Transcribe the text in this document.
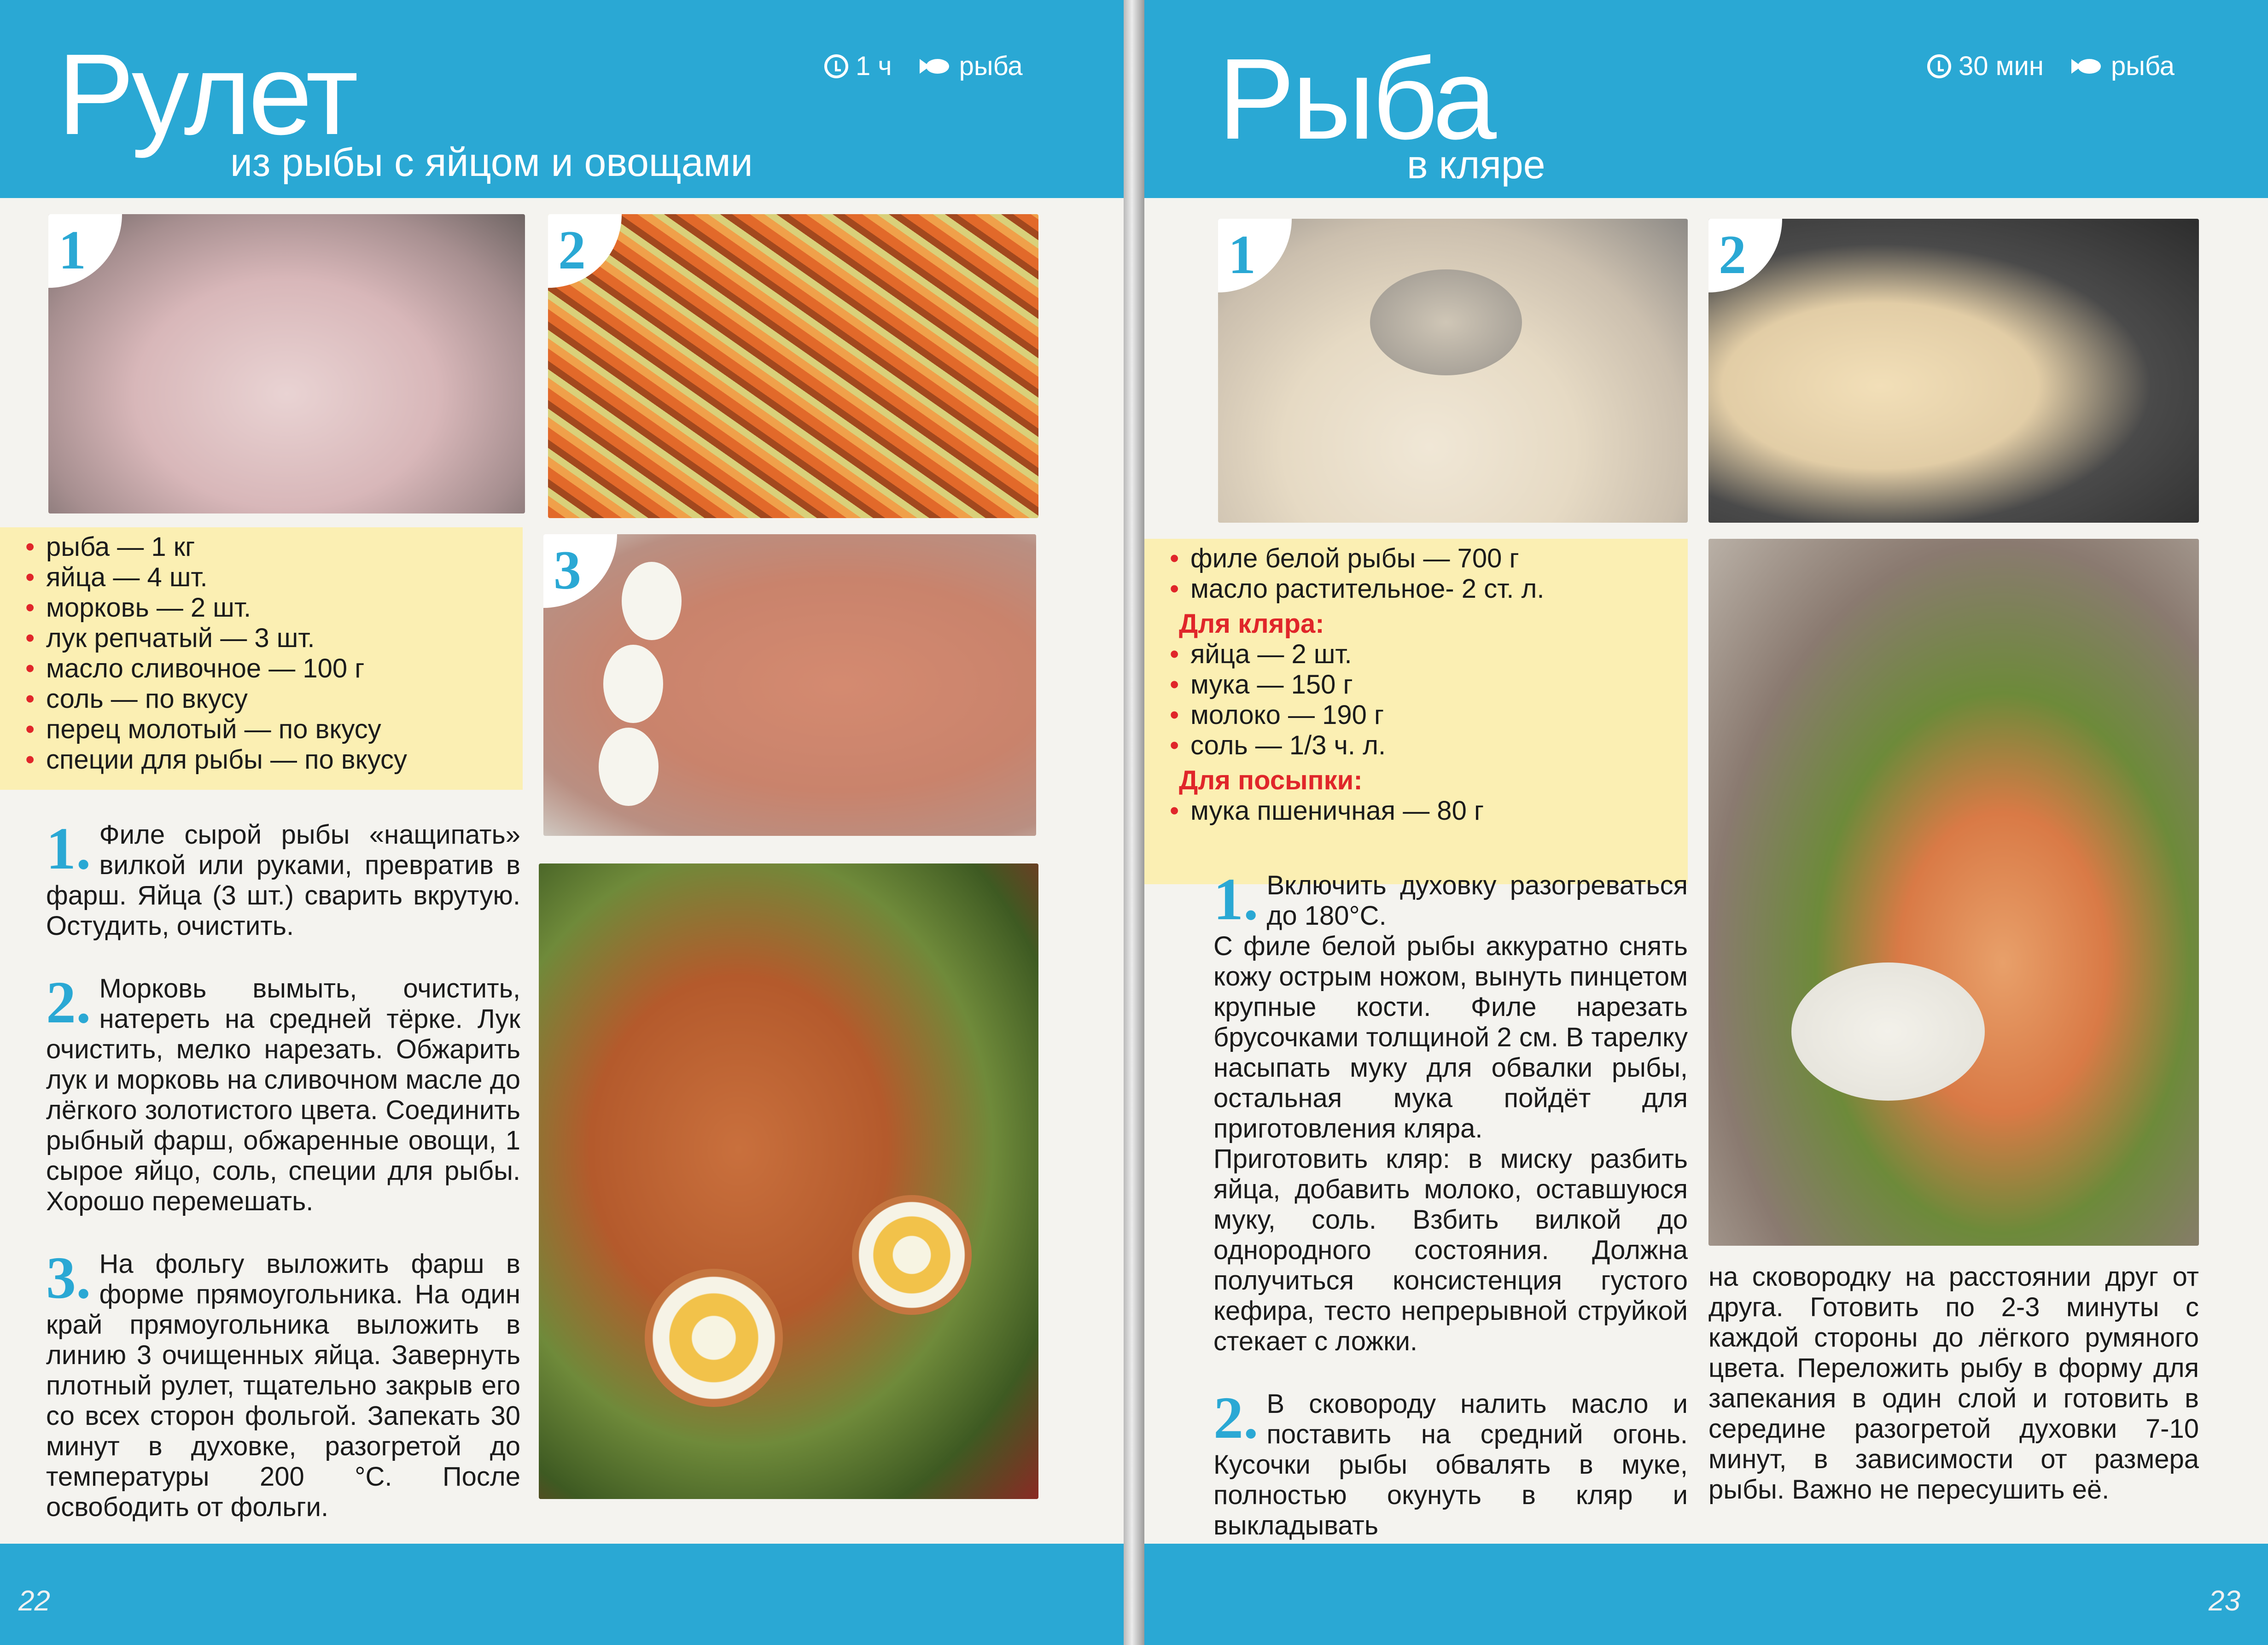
Рулет
из рыбы с яйцом и овощами
1 ч	рыба
1	2
3
• рыба — 1 кг
• яйца — 4 шт.
• морковь — 2 шт.
• лук репчатый — 3 шт.
• масло сливочное — 100 г
• соль — по вкусу
• перец молотый — по вкусу
• специи для рыбы — по вкусу
1 . Филе сырой рыбы «нащипать» вилкой или руками, превратив в фарш. Яйца (3 шт.) сварить вкрутую. Остудить, очистить.

2 . Морковь вымыть, очистить, натереть на средней тёрке. Лук очистить, мелко нарезать. Обжарить лук и морковь на сливочном масле до лёгкого золотистого цвета. Соединить рыбный фарш, обжаренные овощи, 1 сырое яйцо, соль, специи для рыбы. Хорошо перемешать.

3 . На фольгу выложить фарш в форме прямоугольника. На один край прямоугольника выложить в линию 3 очищенных яйца. Завернуть плотный рулет, тщательно закрыв его со всех сторон фольгой. Запекать 30 минут в духовке, разогретой до температуры 200 °С. После освободить от фольги.

22
Рыба
в кляре
30 мин	рыба
1	2
• филе белой рыбы — 700 г
• масло растительное- 2 ст. л.
Для кляра:
• яйца — 2 шт.
• мука — 150 г
• молоко — 190 г
• соль — 1/3 ч. л.
Для посыпки:
• мука пшеничная — 80 г
1 . Включить духовку разогреваться до 180°С.

С филе белой рыбы аккуратно снять кожу острым ножом, вынуть пинцетом крупные кости. Филе нарезать брусочками толщиной 2 см. В тарелку насыпать муку для обвалки рыбы, остальная мука пойдёт для приготовления кляра.

Приготовить кляр: в миску разбить яйца, добавить молоко, оставшуюся муку, соль. Взбить вилкой до однородного состояния. Должна получиться консистенция густого кефира, тесто непрерывной струйкой стекает с ложки.

2 . В сковороду налить масло и поставить на средний огонь. Кусочки рыбы обвалять в муке, полностью окунуть в кляр и выкладывать

на сковородку на расстоянии друг от друга. Готовить по 2-3 минуты с каждой стороны до лёгкого румяного цвета. Переложить рыбу в форму для запекания в один слой и готовить в середине разогретой духовки 7-10 минут, в зависимости от размера рыбы. Важно не пересушить её.

23
